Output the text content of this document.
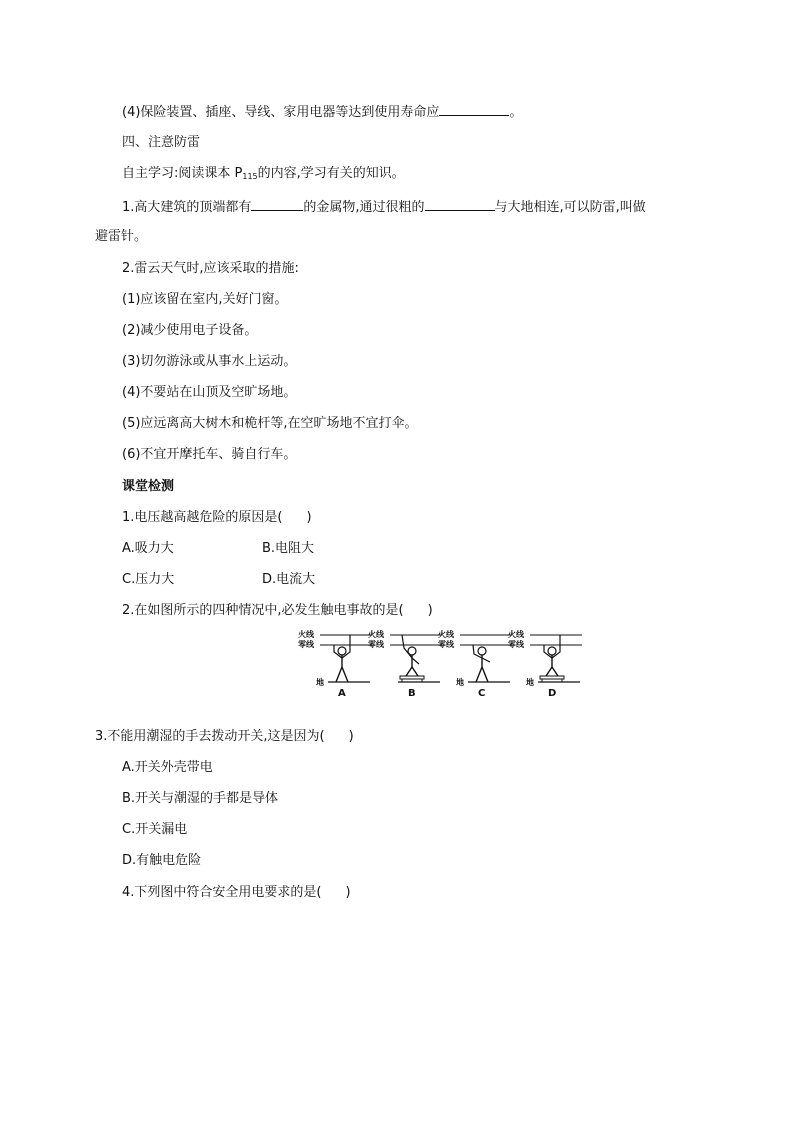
(4)保险装置、插座、导线、家用电器等达到使用寿命应	。
四、注意防雷
自主学习:阅读课本 $P_{115}$的内容,学习有关的知识。
1.高大建筑的顶端都有	的金属物,通过很粗的	与大地相连,可以防雷,叫做
避雷针。
2.雷云天气时,应该采取的措施:
(1)应该留在室内,关好门窗。
(2)减少使用电子设备。
(3)切勿游泳或从事水上运动。
(4)不要站在山顶及空旷场地。
(5)应远离高大树木和桅杆等,在空旷场地不宜打伞。
(6)不宜开摩托车、骑自行车。
课堂检测
1.电压越高越危险的原因是( )
A.吸力大	B.电阻大
C.压力大	D.电流大
2.在如图所示的四种情况中,必发生触电事故的是( )
火线
零线
地
A
火线
零线
B
火线
零线
地
C
火线
零线
地
D
3.不能用潮湿的手去拨动开关,这是因为( )
A.开关外壳带电
B.开关与潮湿的手都是导体
C.开关漏电
D.有触电危险
4.下列图中符合安全用电要求的是( )
